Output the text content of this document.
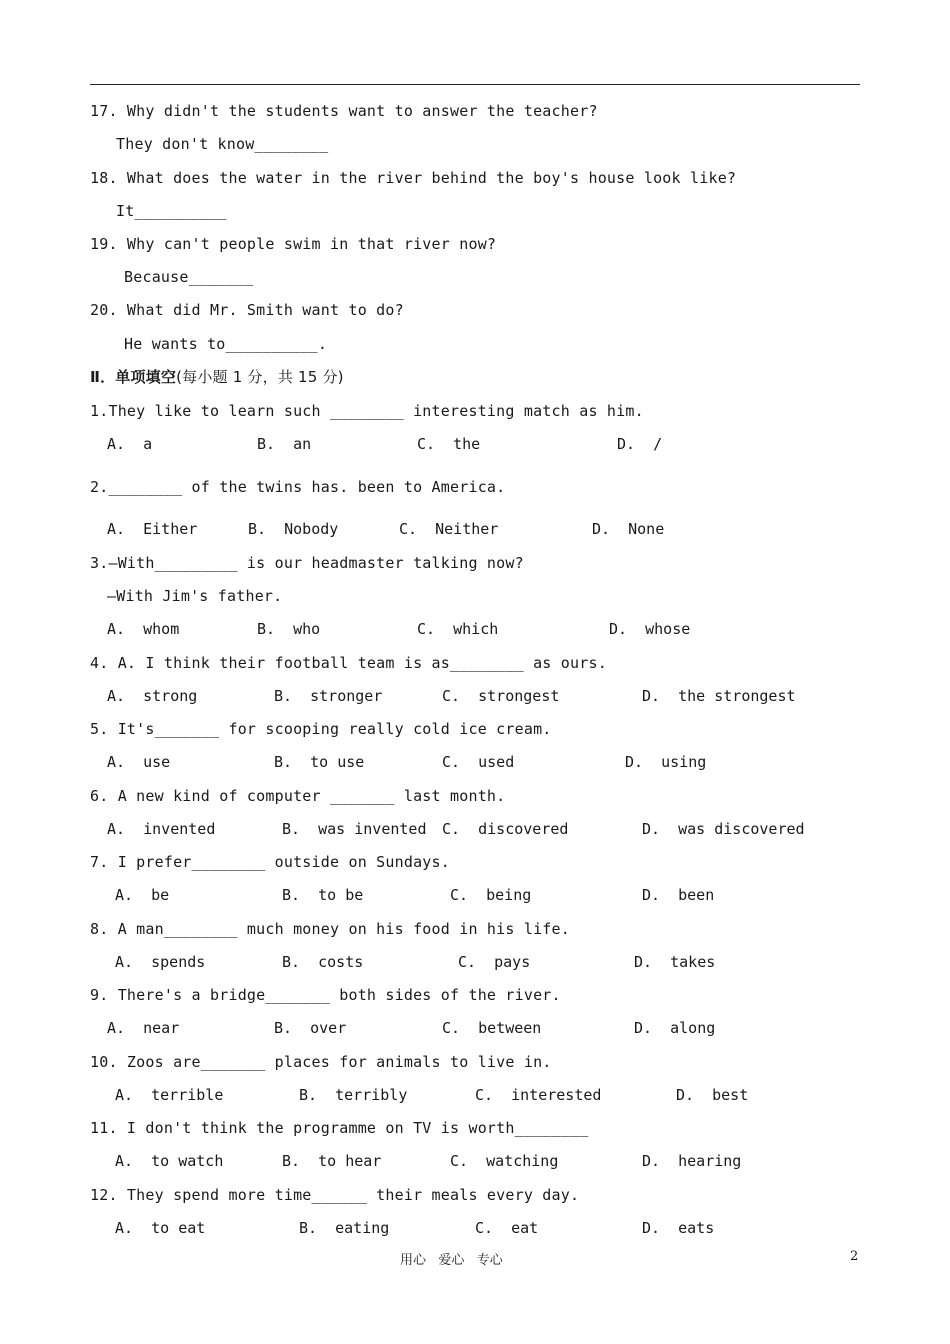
17. Why didn't the students want to answer the teacher?
They don't know________
18. What does the water in the river behind the boy's house look like?
It__________
19. Why can't people swim in that river now?
Because_______
20. What did Mr. Smith want to do?
He wants to__________.
Ⅱ．单项填空(每小题 1 分，共 15 分)
1.They like to learn such ________ interesting match as him.
A.  a	B.  an	C.  the	D.  /
2.________ of the twins has. been to America.
A.  Either	B.  Nobody	C.  Neither	D.  None
3.—With_________ is our headmaster talking now?
—With Jim's father.
A.  whom	B.  who	C.  which	D.  whose
4. A. I think their football team is as________ as ours.
A.  strong	B.  stronger	C.  strongest	D.  the strongest
5. It's_______ for scooping really cold ice cream.
A.  use	B.  to use	C.  used	D.  using
6. A new kind of computer _______ last month.
A.  invented	B.  was invented C.  discovered	D.  was discovered
7. I prefer________ outside on Sundays.
A.  be	B.  to be	C.  being	D.  been
8. A man________ much money on his food in his life.
A.  spends	B.  costs	C.  pays	D.  takes
9. There's a bridge_______ both sides of the river.
A.  near	B.  over	C.  between	D.  along
10. Zoos are_______ places for animals to live in.
A.  terrible	B.  terribly	C.  interested	D.  best
11. I don't think the programme on TV is worth________
A.  to watch	B.  to hear	C.  watching	D.  hearing
12. They spend more time______ their meals every day.
A.  to eat	B.  eating	C.  eat	D.  eats
用心   爱心   专心	2
